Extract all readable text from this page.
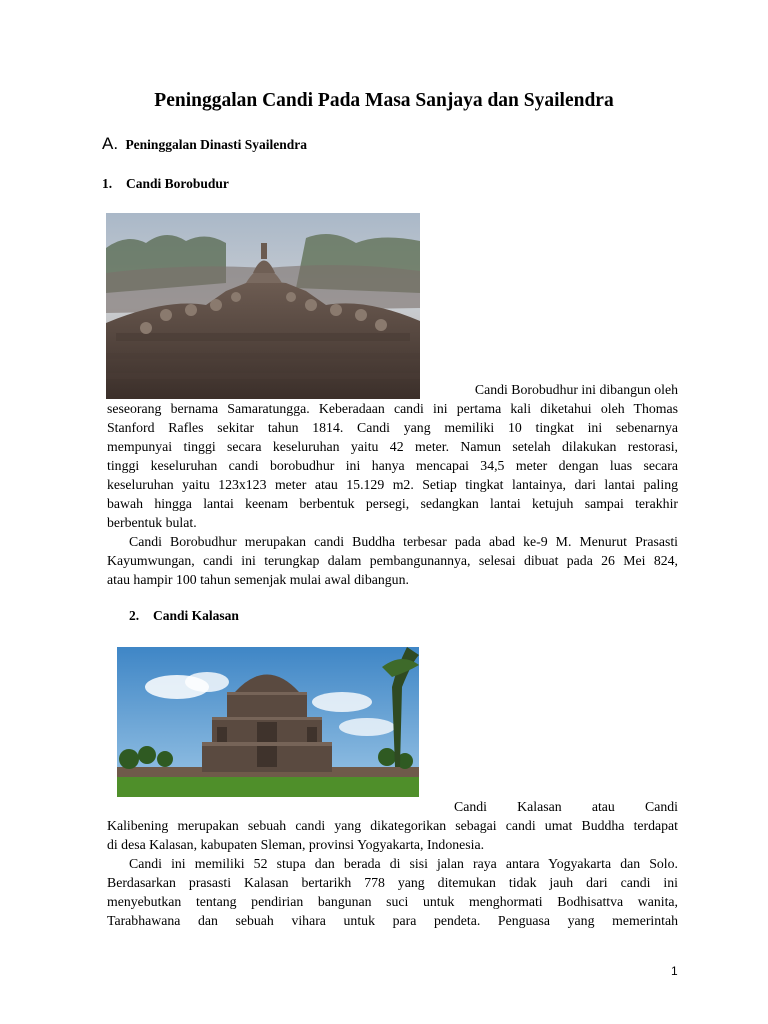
Peninggalan Candi Pada Masa Sanjaya dan Syailendra

A. Peninggalan Dinasti Syailendra

1. Candi Borobudur

Candi Borobudhur ini dibangun oleh
seseorang bernama Samaratungga. Keberadaan candi ini pertama kali diketahui oleh Thomas
Stanford Rafles sekitar tahun 1814. Candi yang memiliki 10 tingkat ini sebenarnya
mempunyai tinggi secara keseluruhan yaitu 42 meter. Namun setelah dilakukan restorasi,
tinggi keseluruhan candi borobudhur ini hanya mencapai 34,5 meter dengan luas secara
keseluruhan yaitu 123x123 meter atau 15.129 m2. Setiap tingkat lantainya, dari lantai paling
bawah hingga lantai keenam berbentuk persegi, sedangkan lantai ketujuh sampai terakhir
berbentuk bulat.
Candi Borobudhur merupakan candi Buddha terbesar pada abad ke-9 M. Menurut Prasasti
Kayumwungan, candi ini terungkap dalam pembangunannya, selesai dibuat pada 26 Mei 824,
atau hampir 100 tahun semenjak mulai awal dibangun.

2. Candi Kalasan

Candi Kalasan atau Candi
Kalibening merupakan sebuah candi yang dikategorikan sebagai candi umat Buddha terdapat
di desa Kalasan, kabupaten Sleman, provinsi Yogyakarta, Indonesia.
Candi ini memiliki 52 stupa dan berada di sisi jalan raya antara Yogyakarta dan Solo.
Berdasarkan prasasti Kalasan bertarikh 778 yang ditemukan tidak jauh dari candi ini
menyebutkan tentang pendirian bangunan suci untuk menghormati Bodhisattva wanita,
Tarabhawana dan sebuah vihara untuk para pendeta. Penguasa yang memerintah
1
